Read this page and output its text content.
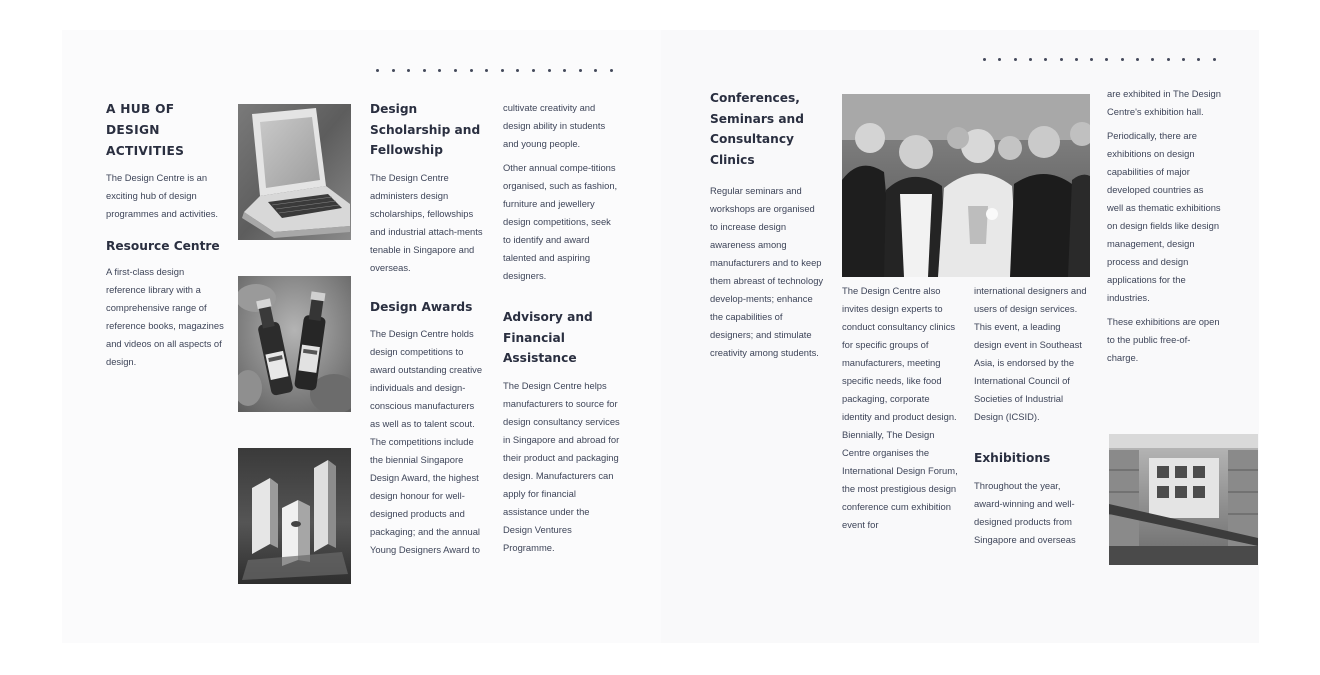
A HUB OF DESIGN ACTIVITIES

The Design Centre is an exciting hub of design programmes and activities.

Resource Centre

A first-class design reference library with a comprehensive range of reference books, magazines and videos on all aspects of design.

Design Scholarship and Fellowship

The Design Centre administers design scholarships, fellowships and industrial attach-ments tenable in Singapore and overseas.

Design Awards

The Design Centre holds design competitions to award outstanding creative individuals and design-conscious manufacturers as well as to talent scout.

The competitions include the biennial Singapore Design Award, the highest design honour for well-designed products and packaging; and the annual Young Designers Award to

cultivate creativity and design ability in students and young people.

Other annual compe-titions organised, such as fashion, furniture and jewellery design competitions, seek to identify and award talented and aspiring designers.

Advisory and Financial Assistance

The Design Centre helps manufacturers to source for design consultancy services in Singapore and abroad for their product and packaging design. Manufacturers can apply for financial assistance under the Design Ventures Programme.

Conferences, Seminars and Consultancy Clinics

Regular seminars and workshops are organised to increase design awareness among manufacturers and to keep them abreast of technology develop-ments; enhance the capabilities of designers; and stimulate creativity among students.

The Design Centre also invites design experts to conduct consultancy clinics for specific groups of manufacturers, meeting specific needs, like food packaging, corporate identity and product design. Biennially, The Design Centre organises the International Design Forum, the most prestigious design conference cum exhibition event for

international designers and users of design services. This event, a leading design event in Southeast Asia, is endorsed by the International Council of Societies of Industrial Design (ICSID).

Exhibitions

Throughout the year, award-winning and well-designed products from Singapore and overseas

are exhibited in The Design Centre's exhibition hall.

Periodically, there are exhibitions on design capabilities of major developed countries as well as thematic exhibitions on design fields like design management, design process and design applications for the industries.

These exhibitions are open to the public free-of-charge.
